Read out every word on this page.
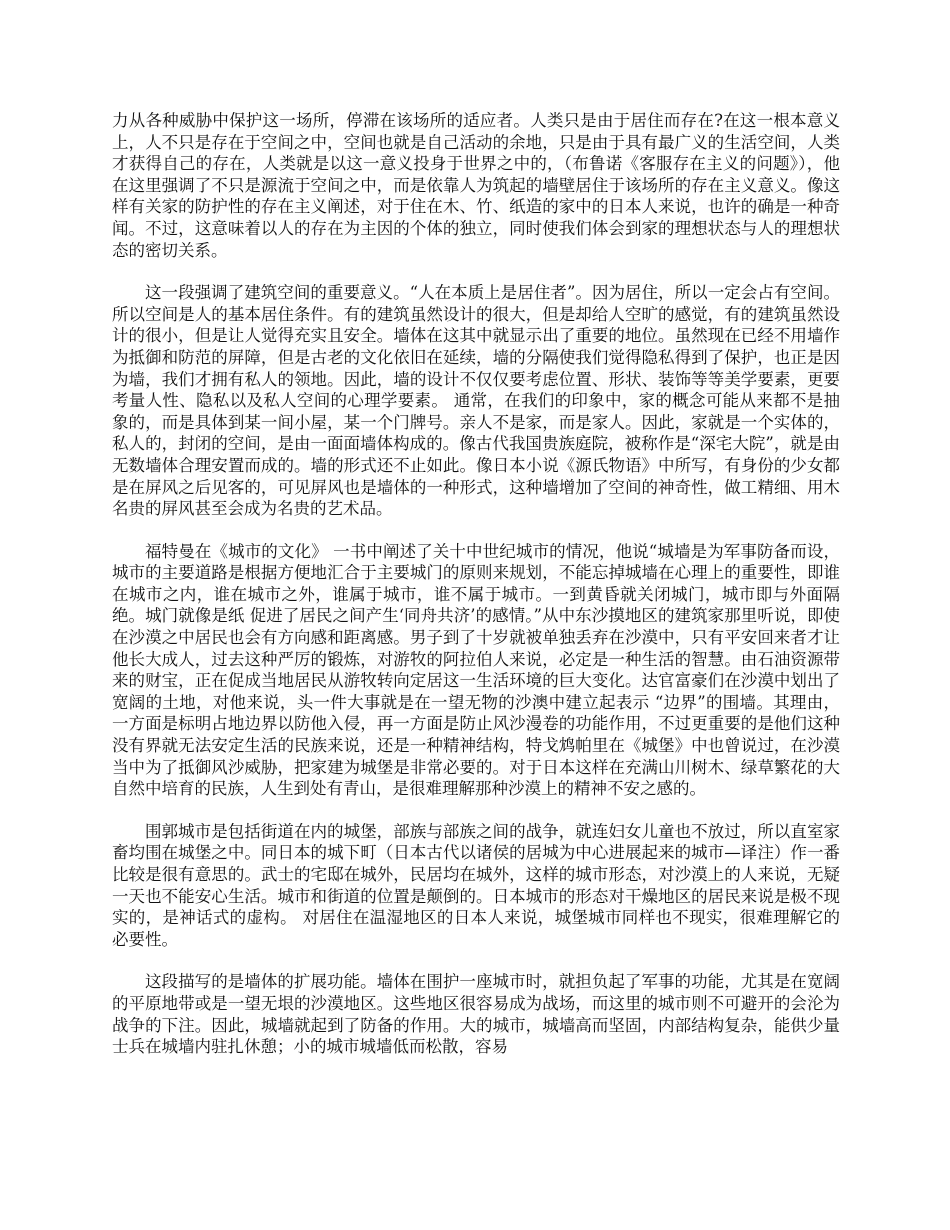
力从各种威胁中保护这一场所，停滞在该场所的适应者。人类只是由于居住而存在?在这一根本意义上，人不只是存在于空间之中，空间也就是自己活动的余地，只是由于具有最广义的生活空间，人类才获得自己的存在，人类就是以这一意义投身于世界之中的，（布鲁诺《客服存在主义的问题》），他在这里强调了不只是源流于空间之中，而是依靠人为筑起的墙壁居住于该场所的存在主义意义。像这样有关家的防护性的存在主义阐述，对于住在木、竹、纸造的家中的日本人来说，也许的确是一种奇闻。不过，这意味着以人的存在为主因的个体的独立，同时使我们体会到家的理想状态与人的理想状态的密切关系。

这一段强调了建筑空间的重要意义。“人在本质上是居住者”。因为居住，所以一定会占有空间。所以空间是人的基本居住条件。有的建筑虽然设计的很大，但是却给人空旷的感觉，有的建筑虽然设计的很小，但是让人觉得充实且安全。墙体在这其中就显示出了重要的地位。虽然现在已经不用墙作为抵御和防范的屏障，但是古老的文化依旧在延续，墙的分隔使我们觉得隐私得到了保护，也正是因为墙，我们才拥有私人的领地。因此，墙的设计不仅仅要考虑位置、形状、装饰等等美学要素，更要考量人性、隐私以及私人空间的心理学要素。 通常，在我们的印象中，家的概念可能从来都不是抽象的，而是具体到某一间小屋，某一个门牌号。亲人不是家，而是家人。因此，家就是一个实体的，私人的，封闭的空间，是由一面面墙体构成的。像古代我国贵族庭院，被称作是“深宅大院”，就是由无数墙体合理安置而成的。墙的形式还不止如此。像日本小说《源氏物语》中所写，有身份的少女都是在屏风之后见客的，可见屏风也是墙体的一种形式，这种墙增加了空间的神奇性，做工精细、用木名贵的屏风甚至会成为名贵的艺术品。

福特曼在《城市的文化》 一书中阐述了关十中世纪城市的情况，他说“城墙是为军事防备而设，城市的主要道路是根据方便地汇合于主要城门的原则来规划，不能忘掉城墙在心理上的重要性，即谁在城市之内，谁在城市之外，谁属于城市，谁不属于城市。一到黄昏就关闭城门，城市即与外面隔绝。城门就像是纸 促进了居民之间产生‘同舟共济’的感情。”从中东沙摸地区的建筑家那里听说，即使在沙漠之中居民也会有方向感和距离感。男子到了十岁就被单独丢弃在沙漠中，只有平安回来者才让他长大成人，过去这种严厉的锻炼，对游牧的阿拉伯人来说，必定是一种生活的智慧。由石油资源带来的财宝，正在促成当地居民从游牧转向定居这一生活环境的巨大变化。达官富豪们在沙漠中划出了宽阔的土地，对他来说，头一件大事就是在一望无物的沙澳中建立起表示 “边界”的围墙。其理由，一方面是标明占地边界以防他入侵，再一方面是防止风沙漫卷的功能作用，不过更重要的是他们这种没有界就无法安定生活的民族来说，还是一种精神结构，特戈鸩帕里在《城堡》中也曾说过，在沙漠当中为了抵御风沙威胁，把家建为城堡是非常必要的。对于日本这样在充满山川树木、绿草繁花的大自然中培育的民族，人生到处有青山，是很难理解那种沙漠上的精神不安之感的。

围郭城市是包括街道在内的城堡，部族与部族之间的战争，就连妇女儿童也不放过，所以直室家畜均围在城堡之中。同日本的城下町（日本古代以诸侯的居城为中心进展起来的城市—译注）作一番比较是很有意思的。武士的宅邸在城外，民居均在城外，这样的城市形态，对沙漠上的人来说，无疑一天也不能安心生活。城市和街道的位置是颠倒的。日本城市的形态对干燥地区的居民来说是极不现实的，是神话式的虚构。 对居住在温湿地区的日本人来说，城堡城市同样也不现实，很难理解它的必要性。

这段描写的是墙体的扩展功能。墙体在围护一座城市时，就担负起了军事的功能，尤其是在宽阔的平原地带或是一望无垠的沙漠地区。这些地区很容易成为战场，而这里的城市则不可避开的会沦为战争的下注。因此，城墙就起到了防备的作用。大的城市，城墙高而坚固，内部结构复杂，能供少量士兵在城墙内驻扎休憩；小的城市城墙低而松散，容易
